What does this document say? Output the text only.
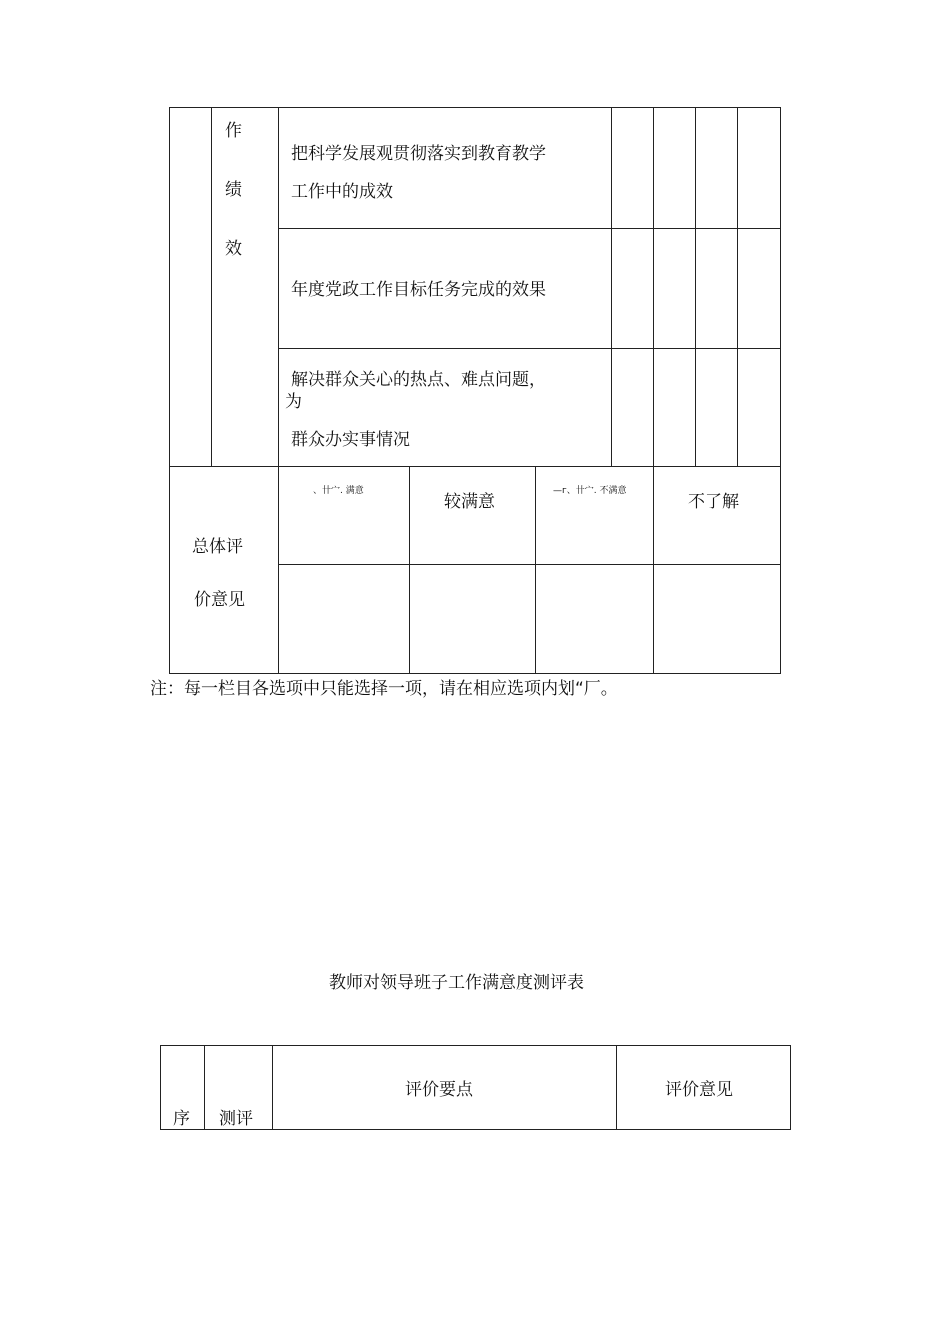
作
绩
效
把科学发展观贯彻落实到教育教学
工作中的成效
年度党政工作目标任务完成的效果
解决群众关心的热点、难点问题，
为
群众办实事情况
总体评
价意见
、卄宀. 满意
较满意
—г、卄宀. 不满意
不了解
注：每一栏目各选项中只能选择一项，请在相应选项内划“厂。
教师对领导班子工作满意度测评表
序 测评
评价要点	评价意见
